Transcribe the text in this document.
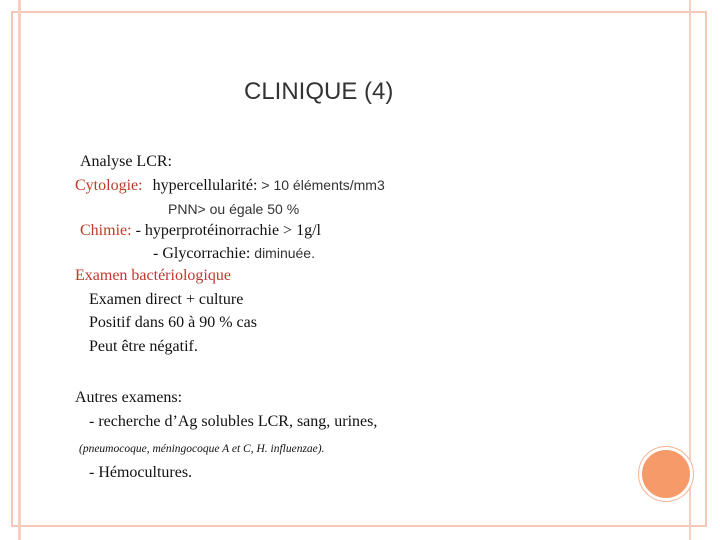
CLINIQUE (4)
Analyse LCR:
Cytologie: hypercellularité: > 10 éléments/mm3
PNN> ou égale 50 %
Chimie: - hyperprotéinorrachie > 1g/l
- Glycorrachie: diminuée.
Examen bactériologique
Examen direct + culture
Positif dans 60 à 90 % cas
Peut être négatif.
Autres examens:
- recherche d’Ag solubles LCR, sang, urines,
(pneumocoque, méningocoque A et C, H. influenzae).
- Hémocultures.
